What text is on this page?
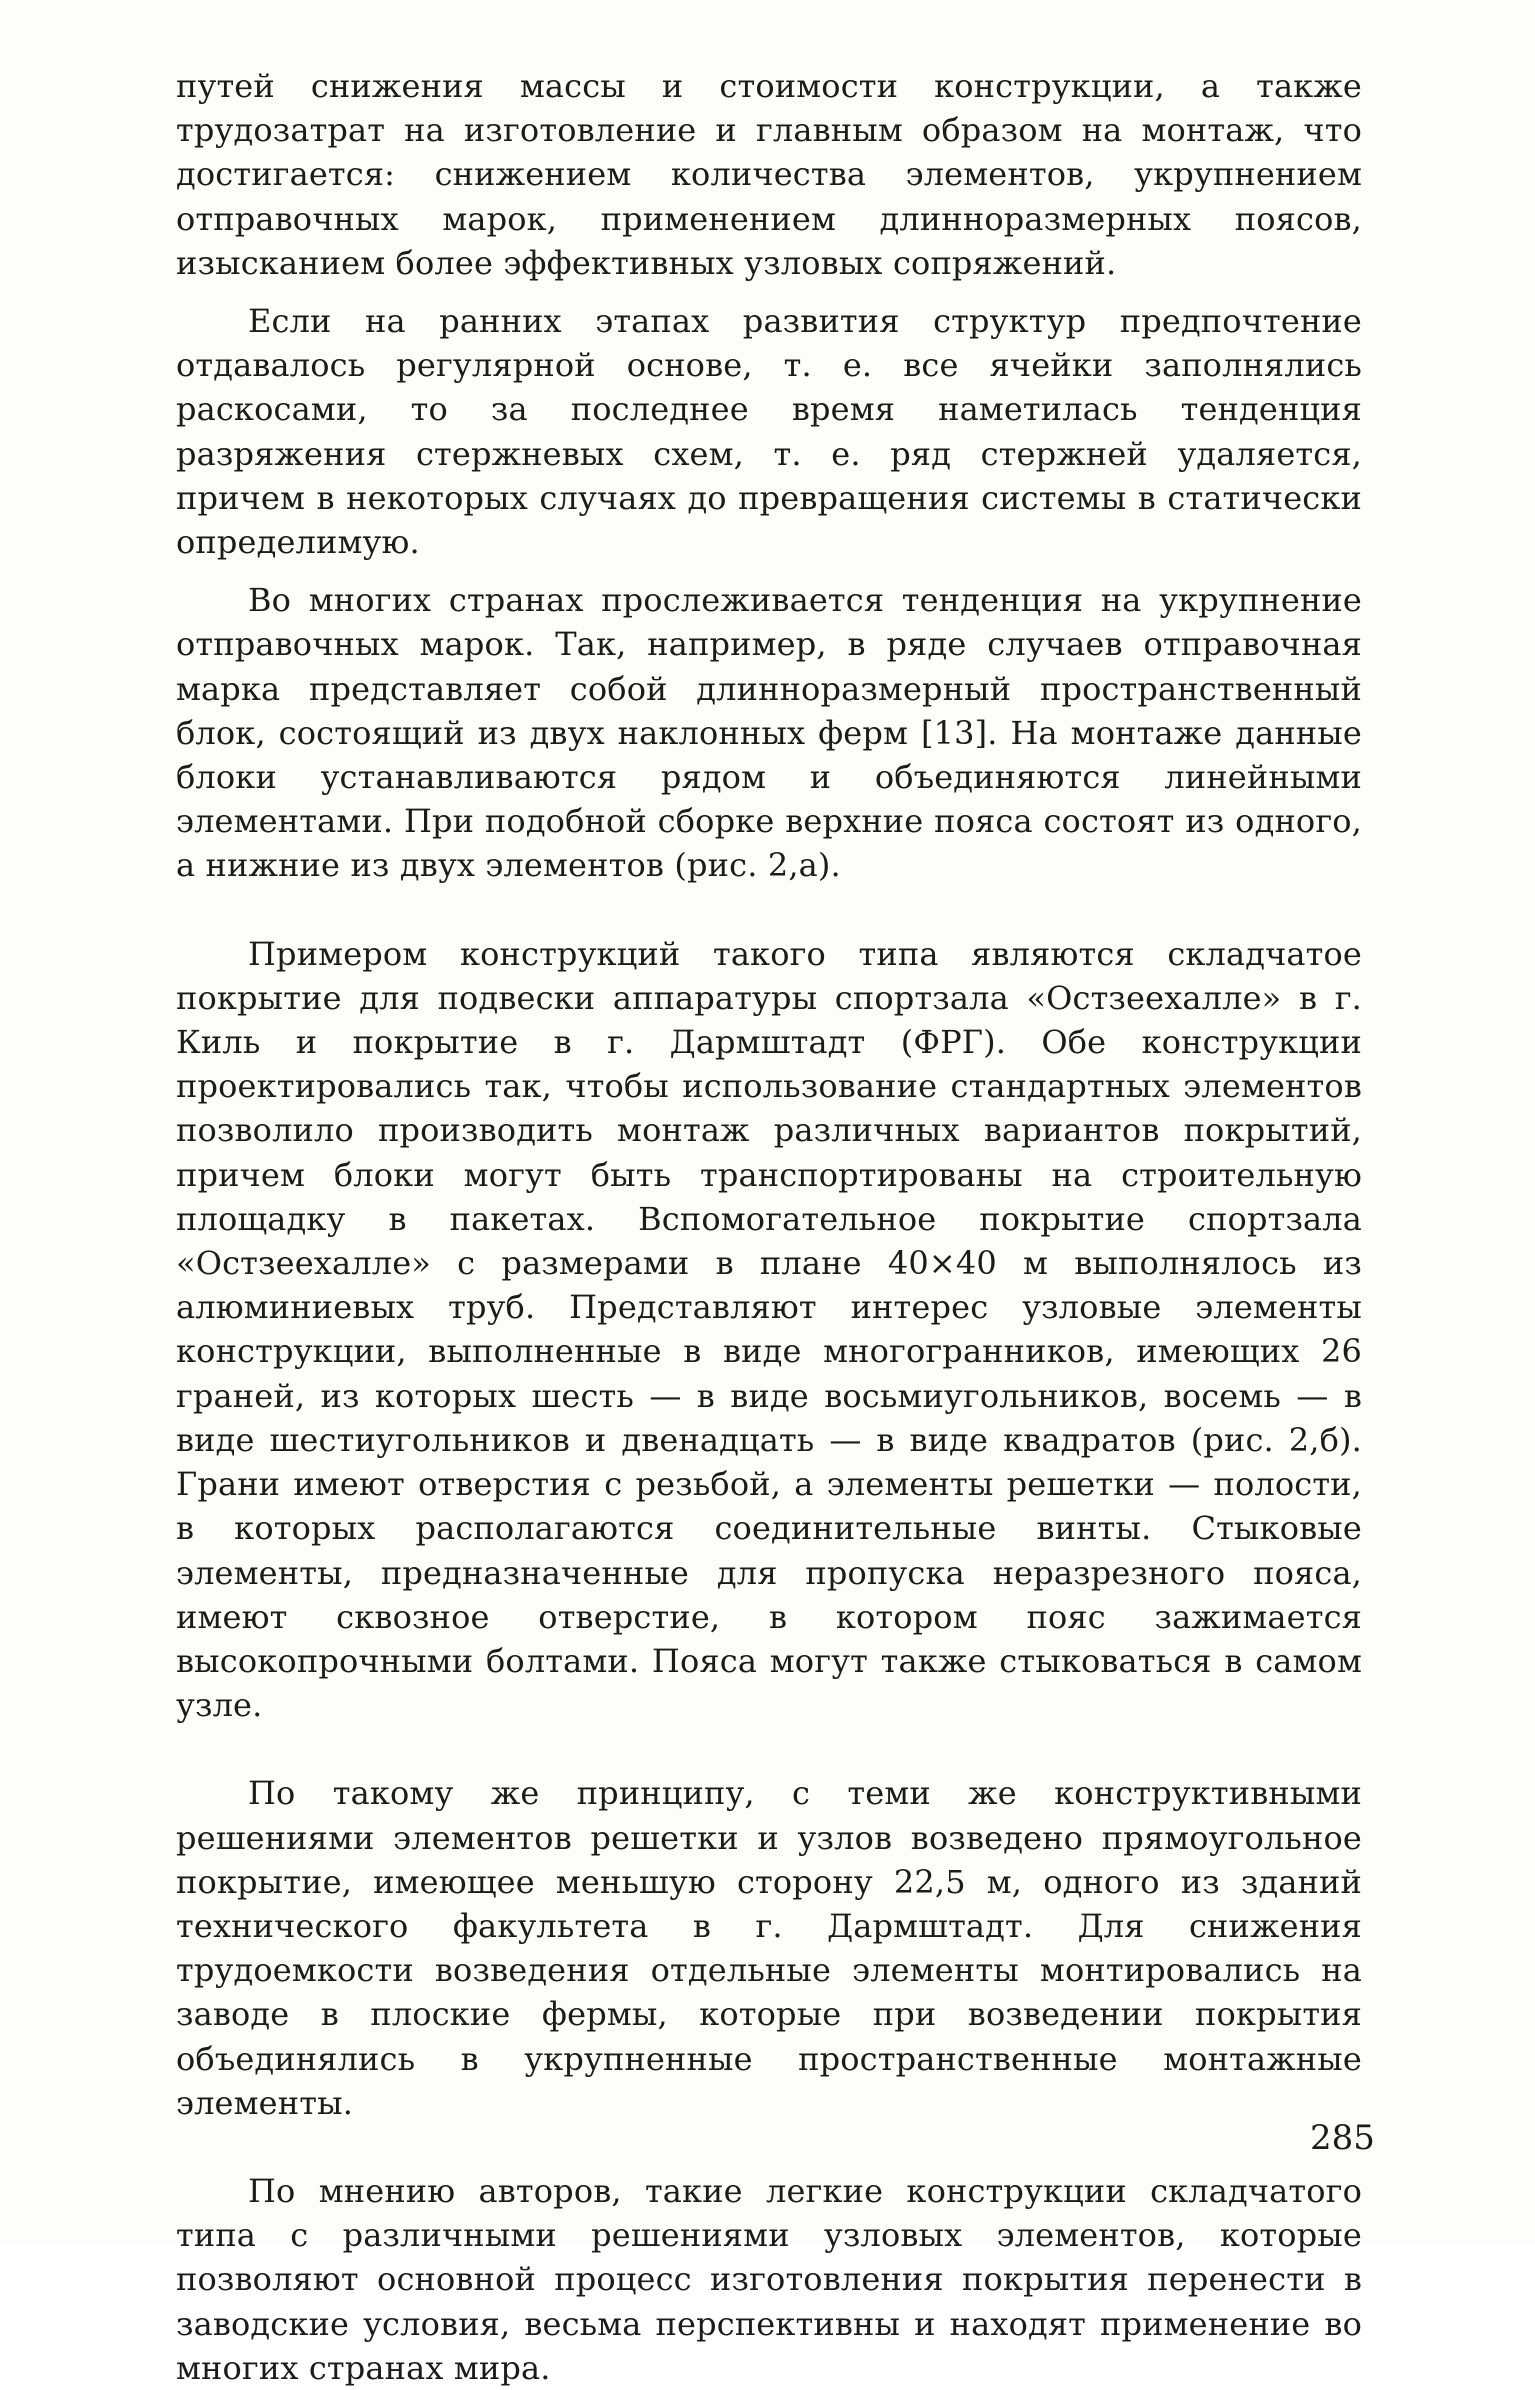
путей снижения массы и стоимости конструкции, а также трудозатрат на изготовление и главным образом на монтаж, что достигается: снижением количества элементов, укрупнением отправочных марок, применением длинноразмерных поясов, изысканием более эффективных узловых сопряжений.

Если на ранних этапах развития структур предпочтение отдавалось регулярной основе, т. е. все ячейки заполнялись раскосами, то за последнее время наметилась тенденция разряжения стержневых схем, т. е. ряд стержней удаляется, причем в некоторых случаях до превращения системы в статически определимую.

Во многих странах прослеживается тенденция на укрупнение отправочных марок. Так, например, в ряде случаев отправочная марка представляет собой длинноразмерный пространственный блок, состоящий из двух наклонных ферм [13]. На монтаже данные блоки устанавливаются рядом и объединяются линейными элементами. При подобной сборке верхние пояса состоят из одного, а нижние из двух элементов (рис. 2,а).

Примером конструкций такого типа являются складчатое покрытие для подвески аппаратуры спортзала «Остзеехалле» в г. Киль и покрытие в г. Дармштадт (ФРГ). Обе конструкции проектировались так, чтобы использование стандартных элементов позволило производить монтаж различных вариантов покрытий, причем блоки могут быть транспортированы на строительную площадку в пакетах. Вспомогательное покрытие спортзала «Остзеехалле» с размерами в плане 40×40 м выполнялось из алюминиевых труб. Представляют интерес узловые элементы конструкции, выполненные в виде многогранников, имеющих 26 граней, из которых шесть — в виде восьмиугольников, восемь — в виде шестиугольников и двенадцать — в виде квадратов (рис. 2,б). Грани имеют отверстия с резьбой, а элементы решетки — полости, в которых располагаются соединительные винты. Стыковые элементы, предназначенные для пропуска неразрезного пояса, имеют сквозное отверстие, в котором пояс зажимается высокопрочными болтами. Пояса могут также стыковаться в самом узле.

По такому же принципу, с теми же конструктивными решениями элементов решетки и узлов возведено прямоугольное покрытие, имеющее меньшую сторону 22,5 м, одного из зданий технического факультета в г. Дармштадт. Для снижения трудоемкости возведения отдельные элементы монтировались на заводе в плоские фермы, которые при возведении покрытия объединялись в укрупненные пространственные монтажные элементы.

По мнению авторов, такие легкие конструкции складчатого типа с различными решениями узловых элементов, которые позволяют основной процесс изготовления покрытия перенести в заводские условия, весьма перспективны и находят применение во многих странах мира.

285
